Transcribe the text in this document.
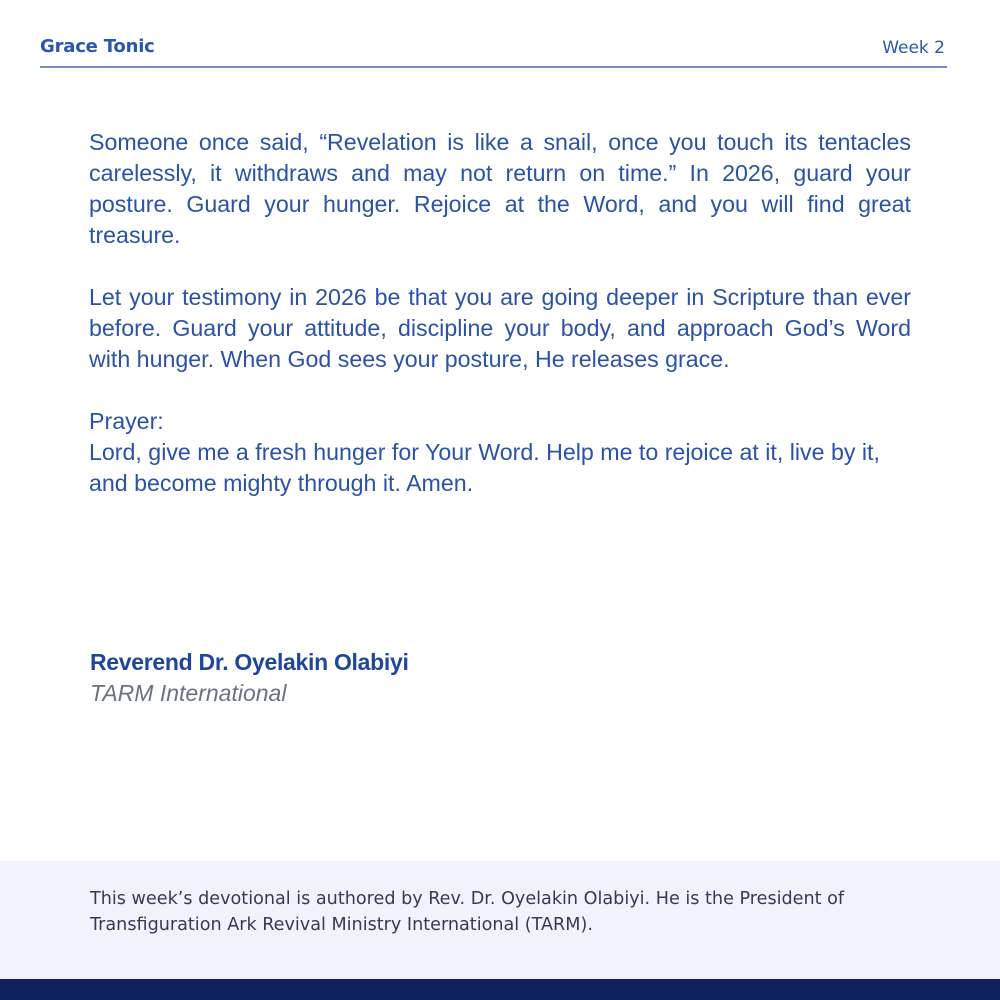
Grace Tonic	Week 2

Someone once said, “Revelation is like a snail, once you touch its tentacles carelessly, it withdraws and may not return on time.” In 2026, guard your posture. Guard your hunger. Rejoice at the Word, and you will find great treasure.

Let your testimony in 2026 be that you are going deeper in Scripture than ever before. Guard your attitude, discipline your body, and approach God’s Word with hunger. When God sees your posture, He releases grace.

Prayer:
Lord, give me a fresh hunger for Your Word. Help me to rejoice at it, live by it, and become mighty through it. Amen.
Reverend Dr. Oyelakin Olabiyi
TARM International
This week’s devotional is authored by Rev. Dr. Oyelakin Olabiyi. He is the President of Transfiguration Ark Revival Ministry International (TARM).
